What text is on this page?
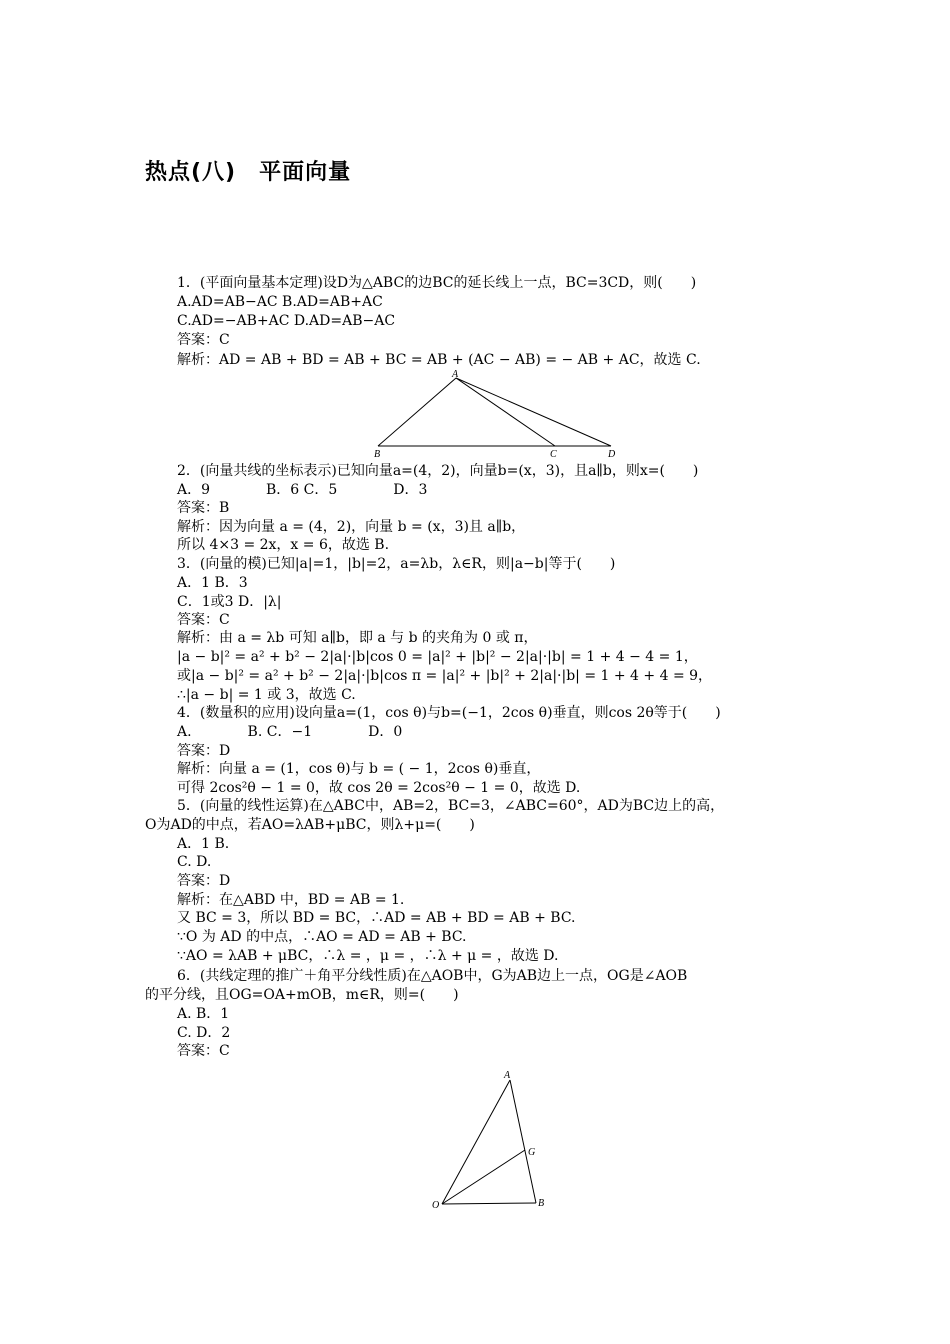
热点(八)　平面向量
1．(平面向量基本定理)设D为△ABC的边BC的延长线上一点，BC=3CD，则(　　)
A.AD=AB−AC B.AD=AB+AC
C.AD=−AB+AC D.AD=AB−AC
答案：C
解析：AD = AB + BD = AB + BC = AB + (AC − AB) = − AB + AC，故选 C.
A
B	C	D
2．(向量共线的坐标表示)已知向量a=(4，2)，向量b=(x，3)，且a∥b，则x=(　　)
A．9　　　　B．6 C．5　　　　D．3
答案：B
解析：因为向量 a = (4，2)，向量 b = (x，3)且 a∥b，
所以 4×3 = 2x，x = 6，故选 B.
3．(向量的模)已知|a|=1，|b|=2，a=λb，λ∈R，则|a−b|等于(　　)
A．1 B．3
C．1或3 D．|λ|
答案：C
解析：由 a = λb 可知 a∥b，即 a 与 b 的夹角为 0 或 π，
|a − b|² = a² + b² − 2|a|·|b|cos 0 = |a|² + |b|² − 2|a|·|b| = 1 + 4 − 4 = 1，
或|a − b|² = a² + b² − 2|a|·|b|cos π = |a|² + |b|² + 2|a|·|b| = 1 + 4 + 4 = 9，
∴|a − b| = 1 或 3，故选 C.
4．(数量积的应用)设向量a=(1，cos θ)与b=(−1，2cos θ)垂直，则cos 2θ等于(　　)
A.　　　　B. C．−1　　　　D．0
答案：D
解析：向量 a = (1，cos θ)与 b = ( − 1，2cos θ)垂直，
可得 2cos²θ − 1 = 0，故 cos 2θ = 2cos²θ − 1 = 0，故选 D.
5．(向量的线性运算)在△ABC中，AB=2，BC=3，∠ABC=60°，AD为BC边上的高，
O为AD的中点，若AO=λAB+μBC，则λ+μ=(　　)
A．1 B.
C. D.
答案：D
解析：在△ABD 中，BD = AB = 1.
又 BC = 3，所以 BD = BC，∴AD = AB + BD = AB + BC.
∵O 为 AD 的中点，∴AO = AD = AB + BC.
∵AO = λAB + μBC，∴λ = ，μ = ，∴λ + μ = ，故选 D.
6．(共线定理的推广＋角平分线性质)在△AOB中，G为AB边上一点，OG是∠AOB
的平分线，且OG=OA+mOB，m∈R，则=(　　)
A. B．1
C. D．2
答案：C
A
G
O	B
